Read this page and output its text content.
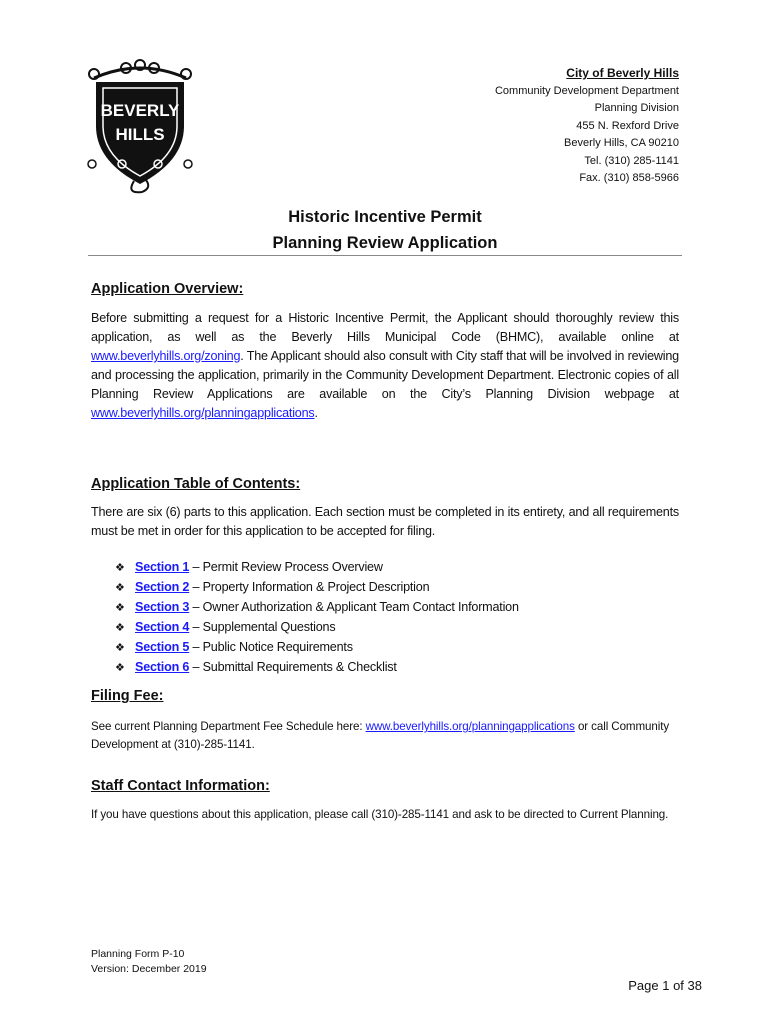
BEVERLY
HILLS
City of Beverly Hills
Community Development Department
Planning Division
455 N. Rexford Drive
Beverly Hills, CA 90210
Tel. (310) 285-1141
Fax. (310) 858-5966
Historic Incentive Permit
Planning Review Application
Application Overview:

Before submitting a request for a Historic Incentive Permit, the Applicant should thoroughly review this application, as well as the Beverly Hills Municipal Code (BHMC), available online at www.beverlyhills.org/zoning. The Applicant should also consult with City staff that will be involved in reviewing and processing the application, primarily in the Community Development Department. Electronic copies of all Planning Review Applications are available on the City’s Planning Division webpage at www.beverlyhills.org/planningapplications.

Application Table of Contents:

There are six (6) parts to this application. Each section must be completed in its entirety, and all requirements must be met in order for this application to be accepted for filing.

❖ Section 1 – Permit Review Process Overview
❖ Section 2 – Property Information & Project Description
❖ Section 3 – Owner Authorization & Applicant Team Contact Information
❖ Section 4 – Supplemental Questions
❖ Section 5 – Public Notice Requirements
❖ Section 6 – Submittal Requirements & Checklist
Filing Fee:

See current Planning Department Fee Schedule here: www.beverlyhills.org/planningapplications or call Community Development at (310)-285-1141.

Staff Contact Information:

If you have questions about this application, please call (310)-285-1141 and ask to be directed to Current Planning.

Planning Form P-10
Version: December 2019
Page 1 of 38
